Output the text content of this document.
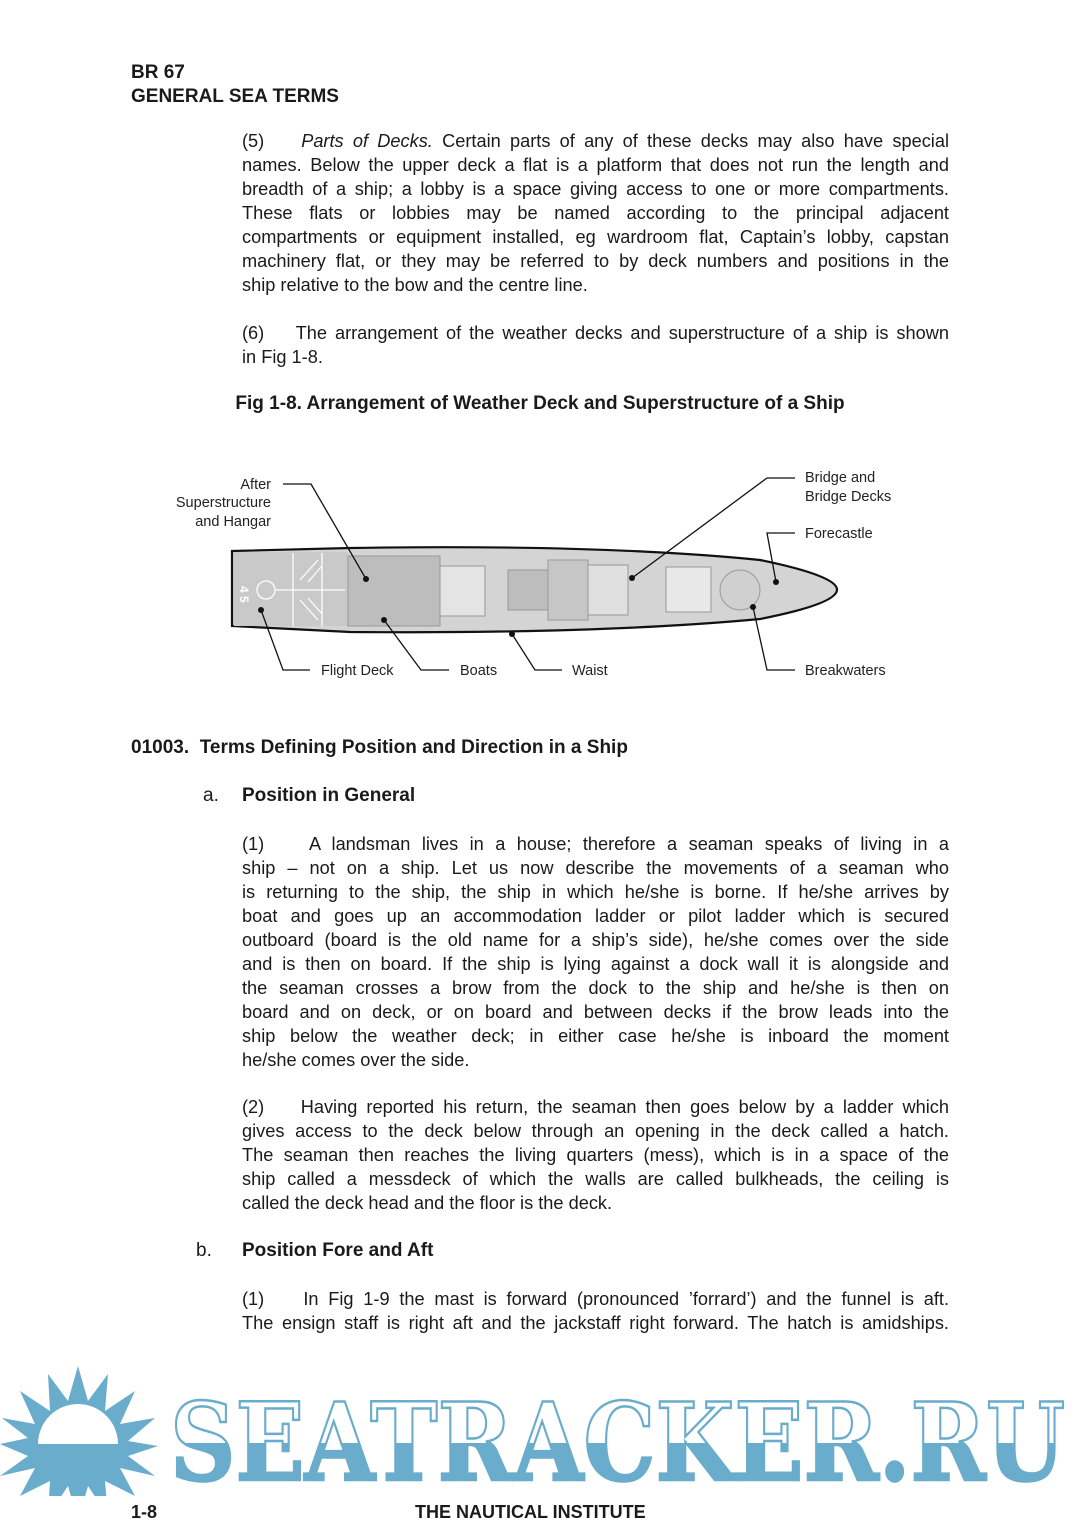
BR 67
GENERAL SEA TERMS
(5) Parts of Decks. Certain parts of any of these decks may also have special
names. Below the upper deck a flat is a platform that does not run the length and
breadth of a ship; a lobby is a space giving access to one or more compartments.
These flats or lobbies may be named according to the principal adjacent
compartments or equipment installed, eg wardroom flat, Captain’s lobby, capstan
machinery flat, or they may be referred to by deck numbers and positions in the
ship relative to the bow and the centre line.
(6) The arrangement of the weather decks and superstructure of a ship is shown
in Fig 1-8.
Fig 1-8. Arrangement of Weather Deck and Superstructure of a Ship
4 5
After
Superstructure
and Hangar
Bridge and
Bridge Decks
Forecastle
Flight Deck	Boats	Waist	Breakwaters
01003. Terms Defining Position and Direction in a Ship
a. Position in General
(1) A landsman lives in a house; therefore a seaman speaks of living in a
ship – not on a ship. Let us now describe the movements of a seaman who
is returning to the ship, the ship in which he/she is borne. If he/she arrives by
boat and goes up an accommodation ladder or pilot ladder which is secured
outboard (board is the old name for a ship’s side), he/she comes over the side
and is then on board. If the ship is lying against a dock wall it is alongside and
the seaman crosses a brow from the dock to the ship and he/she is then on
board and on deck, or on board and between decks if the brow leads into the
ship below the weather deck; in either case he/she is inboard the moment
he/she comes over the side.
(2) Having reported his return, the seaman then goes below by a ladder which
gives access to the deck below through an opening in the deck called a hatch.
The seaman then reaches the living quarters (mess), which is in a space of the
ship called a messdeck of which the walls are called bulkheads, the ceiling is
called the deck head and the floor is the deck.
b. Position Fore and Aft
(1) In Fig 1-9 the mast is forward (pronounced ’forrard’) and the funnel is aft.
The ensign staff is right aft and the jackstaff right forward. The hatch is amidships.
SEATRACKER.RU
1-8	THE NAUTICAL INSTITUTE
